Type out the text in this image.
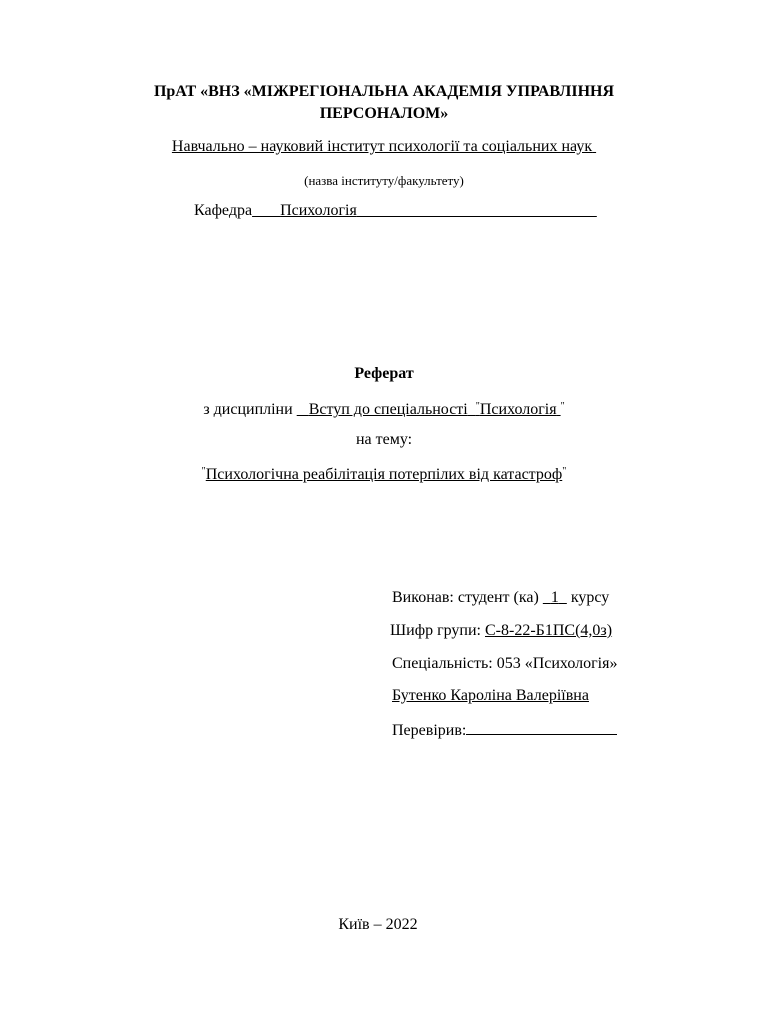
ПрАТ «ВНЗ «МІЖРЕГІОНАЛЬНА АКАДЕМІЯ УПРАВЛІННЯ
ПЕРСОНАЛОМ»
Навчально – науковий інститут психології та соціальних наук
(назва інституту/факультету)
Кафедра Психологія
Реферат
з дисципліни Вступ до спеціальності "Психологія "
на тему:
"Психологічна реабілітація потерпілих від катастроф"
Виконав: студент (ка) 1 курсу
Шифр групи: С-8-22-Б1ПС(4,0з)
Спеціальність: 053 «Психологія»
Бутенко Кароліна Валеріївна
Перевірив:
Київ – 2022
